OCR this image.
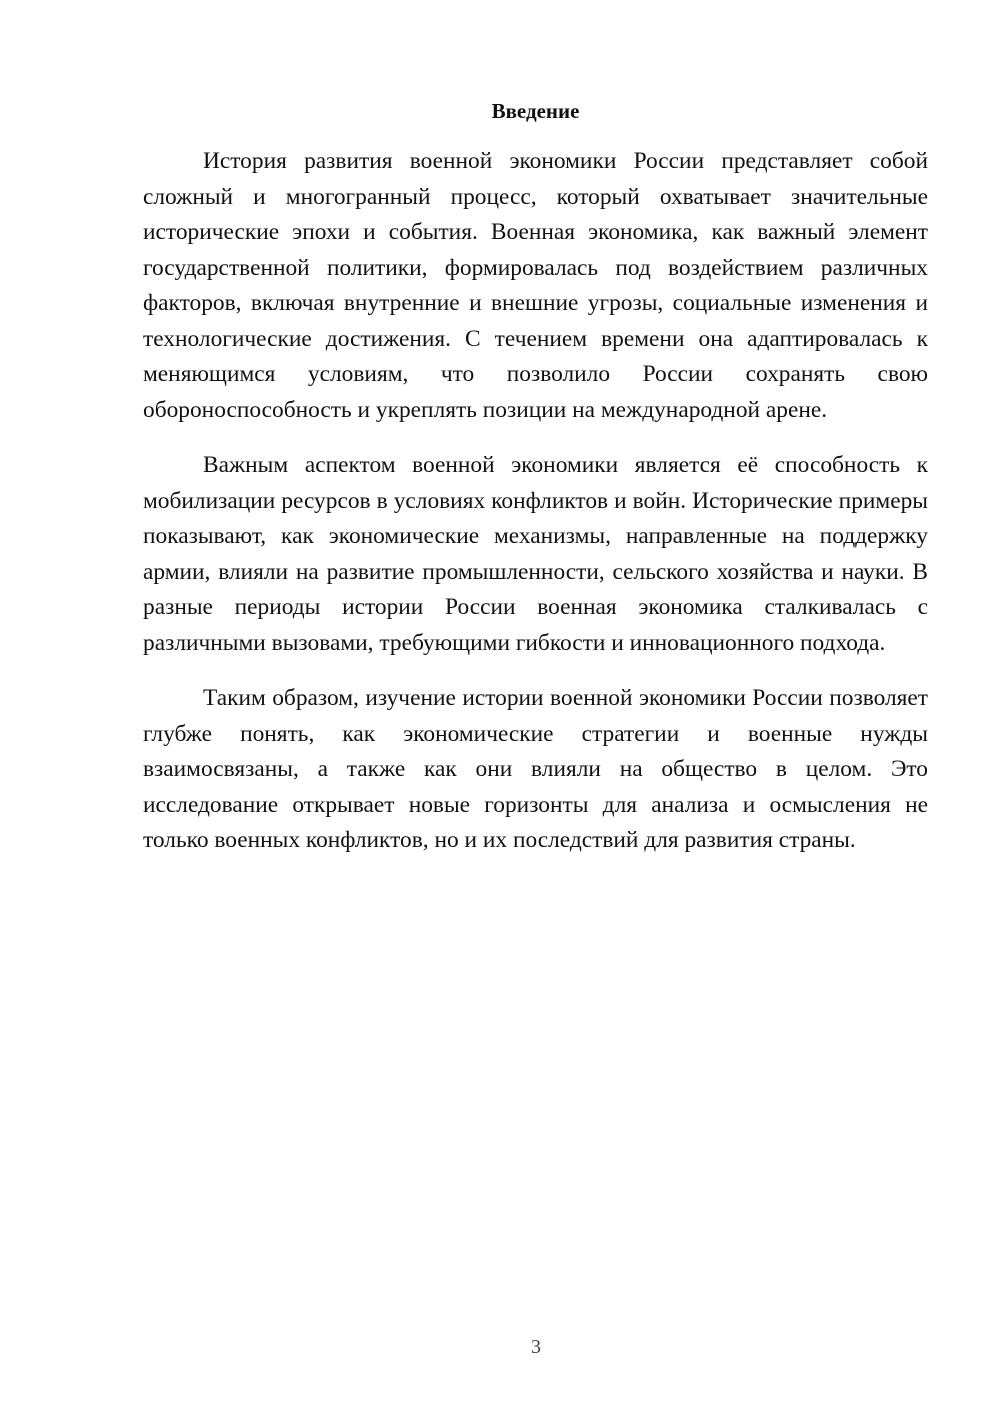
Введение

История развития военной экономики России представляет собой сложный и многогранный процесс, который охватывает значительные исторические эпохи и события. Военная экономика, как важный элемент государственной политики, формировалась под воздействием различных факторов, включая внутренние и внешние угрозы, социальные изменения и технологические достижения. С течением времени она адаптировалась к меняющимся условиям, что позволило России сохранять свою обороноспособность и укреплять позиции на международной арене.

Важным аспектом военной экономики является её способность к мобилизации ресурсов в условиях конфликтов и войн. Исторические примеры показывают, как экономические механизмы, направленные на поддержку армии, влияли на развитие промышленности, сельского хозяйства и науки. В разные периоды истории России военная экономика сталкивалась с различными вызовами, требующими гибкости и инновационного подхода.

Таким образом, изучение истории военной экономики России позволяет глубже понять, как экономические стратегии и военные нужды взаимосвязаны, а также как они влияли на общество в целом. Это исследование открывает новые горизонты для анализа и осмысления не только военных конфликтов, но и их последствий для развития страны.

3
